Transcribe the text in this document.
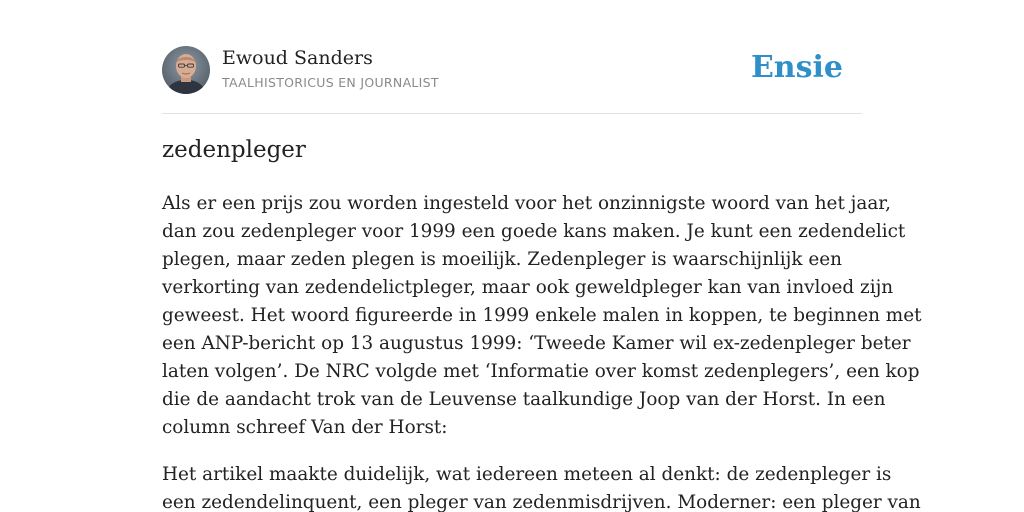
Ewoud Sanders
TAALHISTORICUS EN JOURNALIST	Ensie
zedenpleger

Als er een prijs zou worden ingesteld voor het onzinnigste woord van het jaar,
dan zou zedenpleger voor 1999 een goede kans maken. Je kunt een zedendelict
plegen, maar zeden plegen is moeilijk. Zedenpleger is waarschijnlijk een
verkorting van zedendelictpleger, maar ook geweldpleger kan van invloed zijn
geweest. Het woord figureerde in 1999 enkele malen in koppen, te beginnen met
een ANP-bericht op 13 augustus 1999: ‘Tweede Kamer wil ex-zedenpleger beter
laten volgen’. De NRC volgde met ‘Informatie over komst zedenplegers’, een kop
die de aandacht trok van de Leuvense taalkundige Joop van der Horst. In een
column schreef Van der Horst:

Het artikel maakte duidelijk, wat iedereen meteen al denkt: de zedenpleger is
een zedendelinquent, een pleger van zedenmisdrijven. Moderner: een pleger van
